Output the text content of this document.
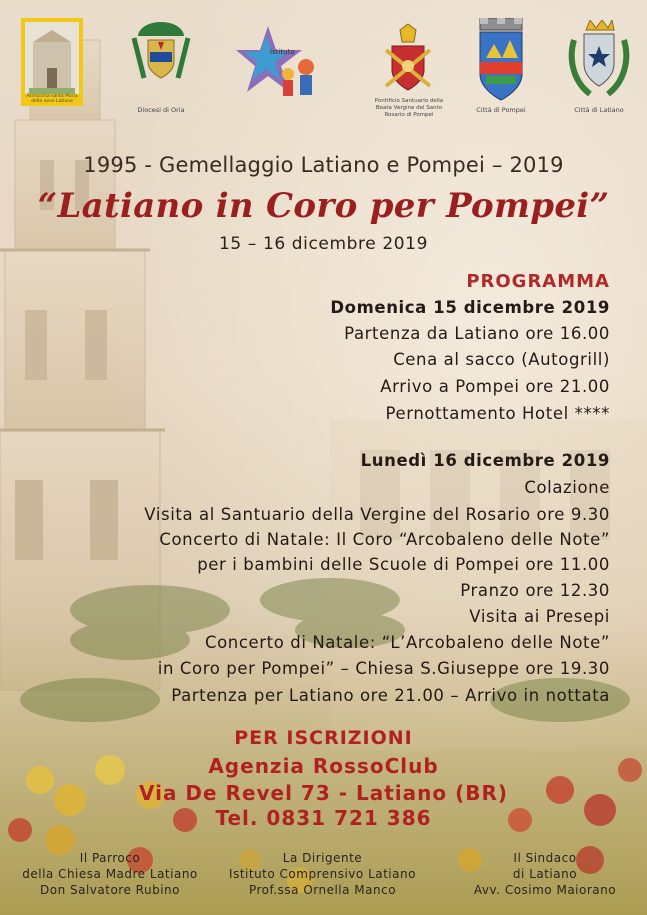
Parrocchia santa Maria della neve Latiano
Diocesi di Oria
Istituto
Pontificio Santuario della Beata Vergine del Santo Rosario di Pompei
Città di Pompei	Città di Latiano
1995 - Gemellaggio Latiano e Pompei – 2019
“Latiano in Coro per Pompei”
15 – 16 dicembre 2019
PROGRAMMA
Domenica 15 dicembre 2019
Partenza da Latiano ore 16.00
Cena al sacco (Autogrill)
Arrivo a Pompei ore 21.00
Pernottamento Hotel ****
Lunedì 16 dicembre 2019
Colazione
Visita al Santuario della Vergine del Rosario ore 9.30
Concerto di Natale: Il Coro “Arcobaleno delle Note”
per i bambini delle Scuole di Pompei ore 11.00
Pranzo ore 12.30
Visita ai Presepi
Concerto di Natale: “L’Arcobaleno delle Note”
in Coro per Pompei” – Chiesa S.Giuseppe ore 19.30
Partenza per Latiano ore 21.00 – Arrivo in nottata
PER ISCRIZIONI
Agenzia RossoClub
Via De Revel 73 - Latiano (BR)
Tel. 0831 721 386
Il Parroco
della Chiesa Madre Latiano
Don Salvatore Rubino
La Dirigente
Istituto Comprensivo Latiano
Prof.ssa Ornella Manco
Il Sindaco
di Latiano
Avv. Cosimo Maiorano
